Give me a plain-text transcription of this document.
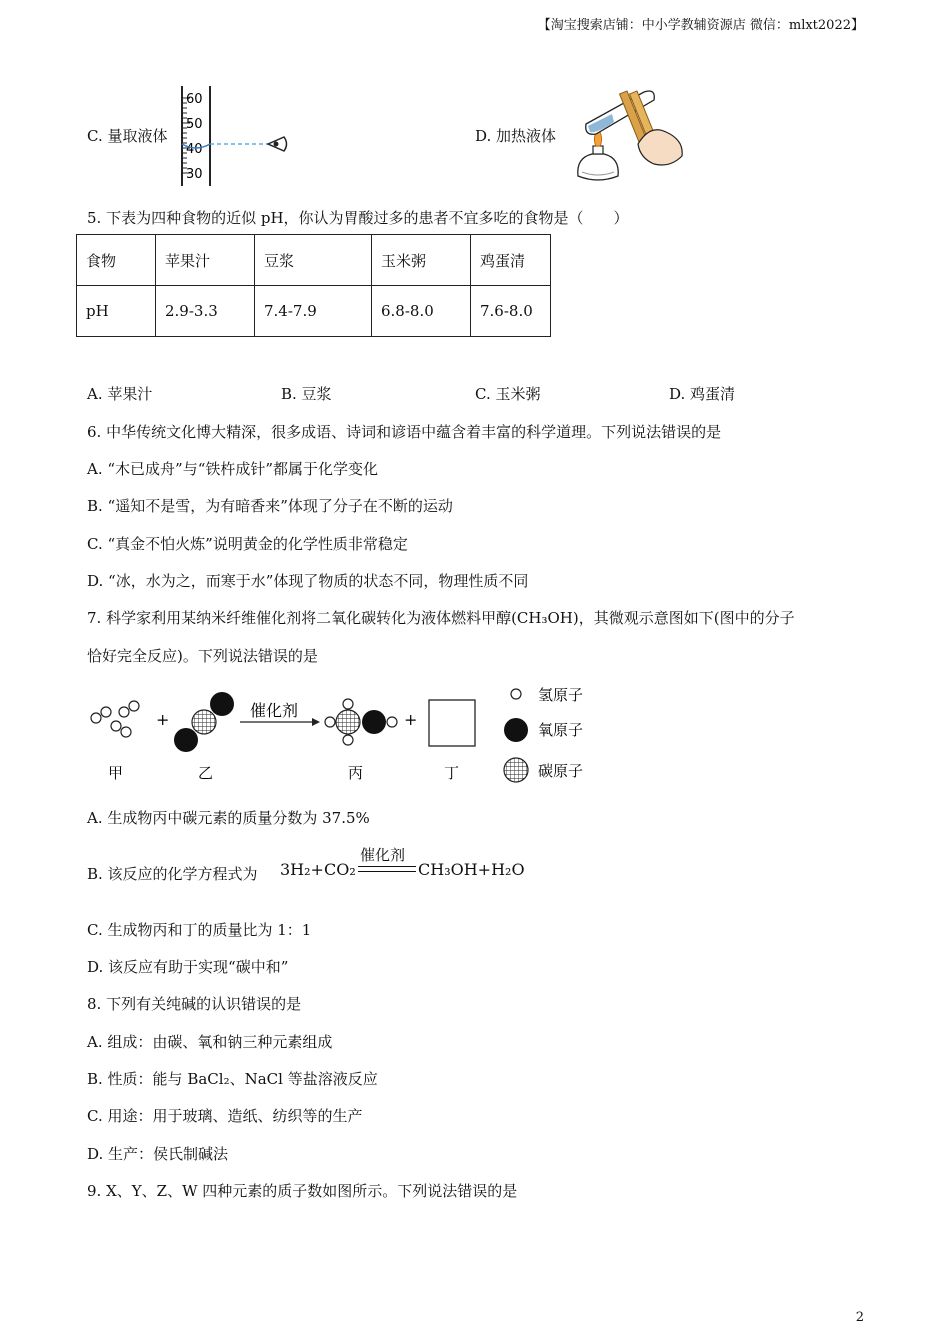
【淘宝搜索店铺：中小学教辅资源店 微信：mlxt2022】
C. 量取液体
60
50
40
30
D. 加热液体
5. 下表为四种食物的近似 pH，你认为胃酸过多的患者不宜多吃的食物是（　　）
食物	苹果汁	豆浆	玉米粥	鸡蛋清
pH	2.9-3.3	7.4-7.9	6.8-8.0	7.6-8.0
A. 苹果汁	B. 豆浆	C. 玉米粥	D. 鸡蛋清
6. 中华传统文化博大精深，很多成语、诗词和谚语中蕴含着丰富的科学道理。下列说法错误的是
A. “木已成舟”与“铁杵成针”都属于化学变化
B. “遥知不是雪，为有暗香来”体现了分子在不断的运动
C. “真金不怕火炼”说明黄金的化学性质非常稳定
D. “冰，水为之，而寒于水”体现了物质的状态不同，物理性质不同
7. 科学家利用某纳米纤维催化剂将二氧化碳转化为液体燃料甲醇(CH₃OH)，其微观示意图如下(图中的分子
恰好完全反应)。下列说法错误的是
+	催化剂	+
甲	乙	丙	丁
氢原子
氧原子
碳原子
A. 生成物丙中碳元素的质量分数为 37.5%
B. 该反应的化学方程式为 3H₂+CO₂
催化剂
CH₃OH+H₂O
C. 生成物丙和丁的质量比为 1：1
D. 该反应有助于实现“碳中和”
8. 下列有关纯碱的认识错误的是
A. 组成：由碳、氧和钠三种元素组成
B. 性质：能与 BaCl₂、NaCl 等盐溶液反应
C. 用途：用于玻璃、造纸、纺织等的生产
D. 生产：侯氏制碱法
9. X、Y、Z、W 四种元素的质子数如图所示。下列说法错误的是
2
